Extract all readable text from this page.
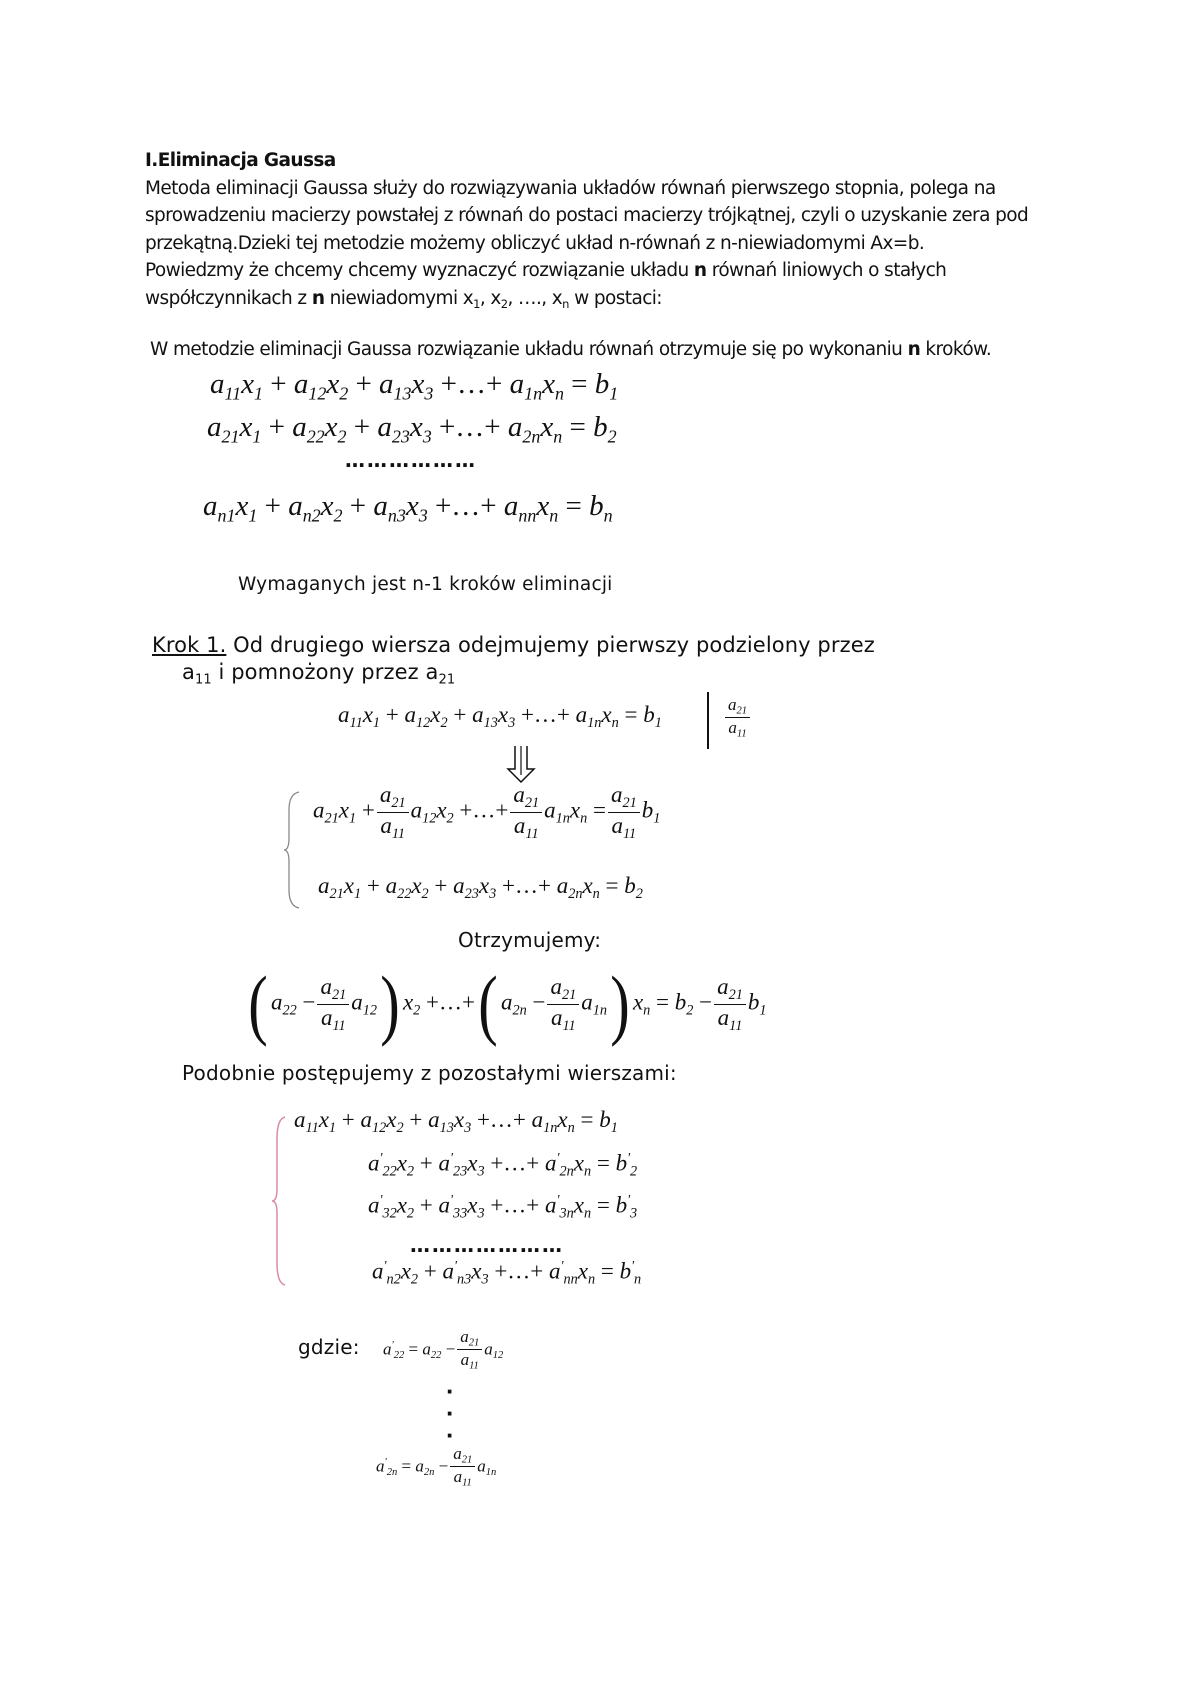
I.Eliminacja Gaussa
Metoda eliminacji Gaussa służy do rozwiązywania układów równań pierwszego stopnia, polega na
sprowadzeniu macierzy powstałej z równań do postaci macierzy trójkątnej, czyli o uzyskanie zera pod
przekątną.Dzieki tej metodzie możemy obliczyć układ n-równań z n-niewiadomymi Ax=b.
Powiedzmy że chcemy chcemy wyznaczyć rozwiązanie układu n równań liniowych o stałych
współczynnikach z n niewiadomymi $x_1$, $x_2$, …., $x_n$ w postaci:
W metodzie eliminacji Gaussa rozwiązanie układu równań otrzymuje się po wykonaniu n kroków.
$a_{11}x_1 + a_{12}x_2 + a_{13}x_3$ +…+ $a_{1n}x_n = b_1$
$a_{21}x_1 + a_{22}x_2 + a_{23}x_3$ +…+ $a_{2n}x_n = b_2$
………………
$a_{n1}x_1 + a_{n2}x_2 + a_{n3}x_3$ +…+ $a_{nn}x_n = b_n$
Wymaganych jest n-1 kroków eliminacji
Krok 1. Od drugiego wiersza odejmujemy pierwszy podzielony przez
$a_{11}$ i pomnożony przez $a_{21}$
$a_{11}x_1 + a_{12}x_2 + a_{13}x_3$ +…+ $a_{1n}x_n = b_1$	$\frac{a_{21}}{a_{11}}$
$a_{21}x_1 + \frac{a_{21}}{a_{11}} a_{12}x_2$ +…+ $\frac{a_{21}}{a_{11}} a_{1n}x_n = \frac{a_{21}}{a_{11}} b_1$
$a_{21}x_1 + a_{22}x_2 + a_{23}x_3$ +…+ $a_{2n}x_n = b_2$
Otrzymujemy:
( $a_{22} - \frac{a_{21}}{a_{11}} a_{12}$) $x_2$ +…+( $a_{2n} - \frac{a_{21}}{a_{11}} a_{1n}$) $x_n = b_2 - \frac{a_{21}}{a_{11}} b_1$
Podobnie postępujemy z pozostałymi wierszami:
$a_{11}x_1 + a_{12}x_2 + a_{13}x_3$ +…+ $a_{1n}x_n = b_1$
$a'_{22}x_2 + a'_{23}x_3$ +…+ $a'_{2n}x_n = b'_2$
$a'_{32}x_2 + a'_{33}x_3$ +…+ $a'_{3n}x_n = b'_3$
…………………
$a'_{n2}x_2 + a'_{n3}x_3$ +…+ $a'_{nn}x_n = b'_n$
gdzie: $a'_{22} = a_{22} - \frac{a_{21}}{a_{11}} a_{12}$
·
·
·
$a'_{2n} = a_{2n} - \frac{a_{21}}{a_{11}} a_{1n}$
